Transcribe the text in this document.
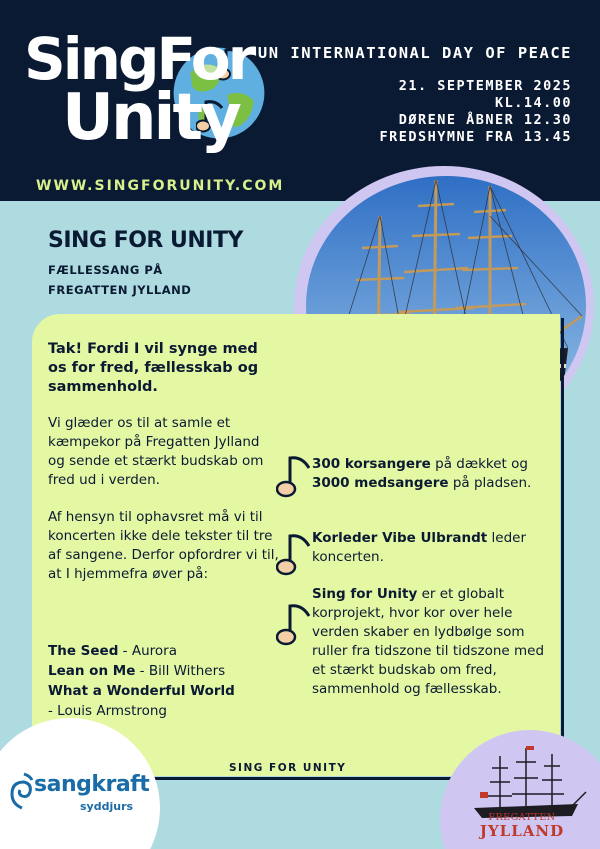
SingFor
Unity
WWW.SINGFORUNITY.COM
UN INTERNATIONAL DAY OF PEACE
21. SEPTEMBER 2025
KL.14.00
DØRENE ÅBNER 12.30
FREDSHYMNE FRA 13.45
SING FOR UNITY
FÆLLESSANG PÅ
FREGATTEN JYLLAND
Tak! Fordi I vil synge med os for fred, fællesskab og sammenhold.
Vi glæder os til at samle et kæmpekor på Fregatten Jylland og sende et stærkt budskab om fred ud i verden.
Af hensyn til ophavsret må vi til koncerten ikke dele tekster til tre af sangene. Derfor opfordrer vi til, at I hjemmefra øver på:
The Seed - Aurora
Lean on Me - Bill Withers
What a Wonderful World
- Louis Armstrong
300 korsangere på dækket og 3000 medsangere på pladsen.
Korleder Vibe Ulbrandt leder koncerten.
Sing for Unity er et globalt korprojekt, hvor kor over hele verden skaber en lydbølge som ruller fra tidszone til tidszone med et stærkt budskab om fred, sammenhold og fællesskab.
SING FOR UNITY
sangkraft
syddjurs
FREGATTEN
JYLLAND
